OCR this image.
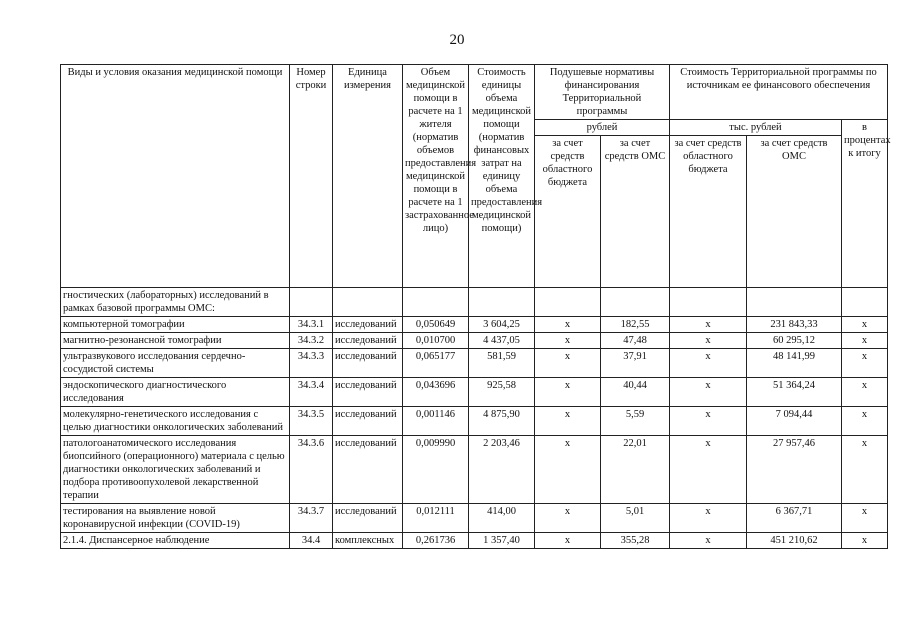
20
Виды и условия оказания медицинской помощи	Номер строки	Единица измерения	Объем медицинской помощи в расчете на 1 жителя (норматив объемов предоставления медицинской помощи в расчете на 1 застрахованное лицо)	Стоимость единицы объема медицинской помощи (норматив финансовых затрат на единицу объема предоставления медицинской помощи)	Подушевые нормативы финансирования Территориальной программы		Стоимость Территориальной программы по источникам ее финансового обеспечения		
					рублей		тыс. рублей		в процентах к итогу
					за счет средств областного бюджета	за счет средств ОМС	за счет средств областного бюджета	за счет средств ОМС	
гностических (лабораторных) исследований в рамках базовой программы ОМС:									
компьютерной томографии	34.3.1	исследований	0,050649	3 604,25	x	182,55	x	231 843,33	x
магнитно-резонансной томографии	34.3.2	исследований	0,010700	4 437,05	x	47,48	x	60 295,12	x
ультразвукового исследования сердечно-сосудистой системы	34.3.3	исследований	0,065177	581,59	x	37,91	x	48 141,99	x
эндоскопического диагностического исследования	34.3.4	исследований	0,043696	925,58	x	40,44	x	51 364,24	x
молекулярно-генетического исследования с целью диагностики онкологических заболеваний	34.3.5	исследований	0,001146	4 875,90	x	5,59	x	7 094,44	x
патологоанатомического исследования биопсийного (операционного) материала с целью диагностики онкологических заболеваний и подбора противоопухолевой лекарственной терапии	34.3.6	исследований	0,009990	2 203,46	x	22,01	x	27 957,46	x
тестирования на выявление новой коронавирусной инфекции (COVID-19)	34.3.7	исследований	0,012111	414,00	x	5,01	x	6 367,71	x
2.1.4. Диспансерное наблюдение	34.4	комплексных	0,261736	1 357,40	x	355,28	x	451 210,62	x
